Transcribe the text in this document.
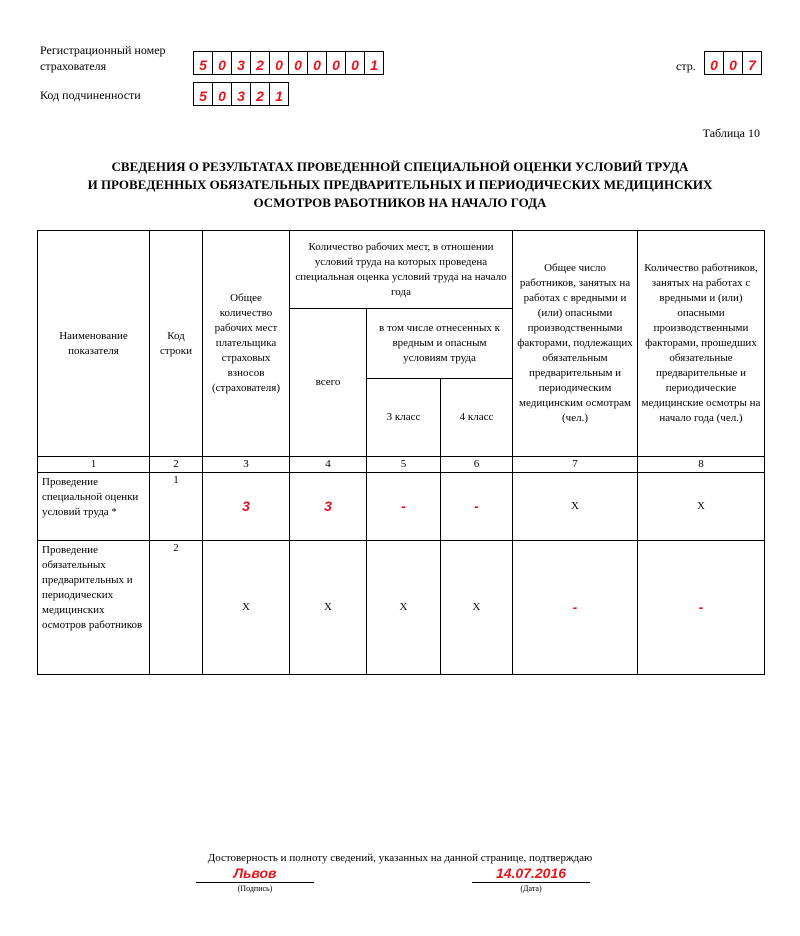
Регистрационный номер
страхователя	5 0 3 2 0 0 0 0 0 1
Код подчиненности	5 0 3 2 1
стр.	0 0 7
Таблица 10
СВЕДЕНИЯ О РЕЗУЛЬТАТАХ ПРОВЕДЕННОЙ СПЕЦИАЛЬНОЙ ОЦЕНКИ УСЛОВИЙ ТРУДА
И ПРОВЕДЕННЫХ ОБЯЗАТЕЛЬНЫХ ПРЕДВАРИТЕЛЬНЫХ И ПЕРИОДИЧЕСКИХ МЕДИЦИНСКИХ
ОСМОТРОВ РАБОТНИКОВ НА НАЧАЛО ГОДА
Наименование показателя	Код строки	Общее количество рабочих мест плательщика страховых взносов (страхователя)	Количество рабочих мест, в отношении условий труда на которых проведена специальная оценка условий труда на начало года			Общее число работников, занятых на работах с вредными и (или) опасными производственными факторами, подлежащих обязательным предварительным и периодическим медицинским осмотрам (чел.)	Количество работников, занятых на работах с вредными и (или) опасными производственными факторами, прошедших обязательные предварительные и периодические медицинские осмотры на начало года (чел.)
			всего	в том числе отнесенных к вредным и опасным условиям труда			
				3 класс	4 класс		
1	2	3	4	5	6	7	8
Проведение специальной оценки условий труда *	1	3	3	-	-	X	X
Проведение обязательных предварительных и периодических медицинских осмотров работников	2	X	X	X	X	-	-
Достоверность и полноту сведений, указанных на данной странице, подтверждаю
Львов
(Подпись)
14.07.2016
(Дата)
